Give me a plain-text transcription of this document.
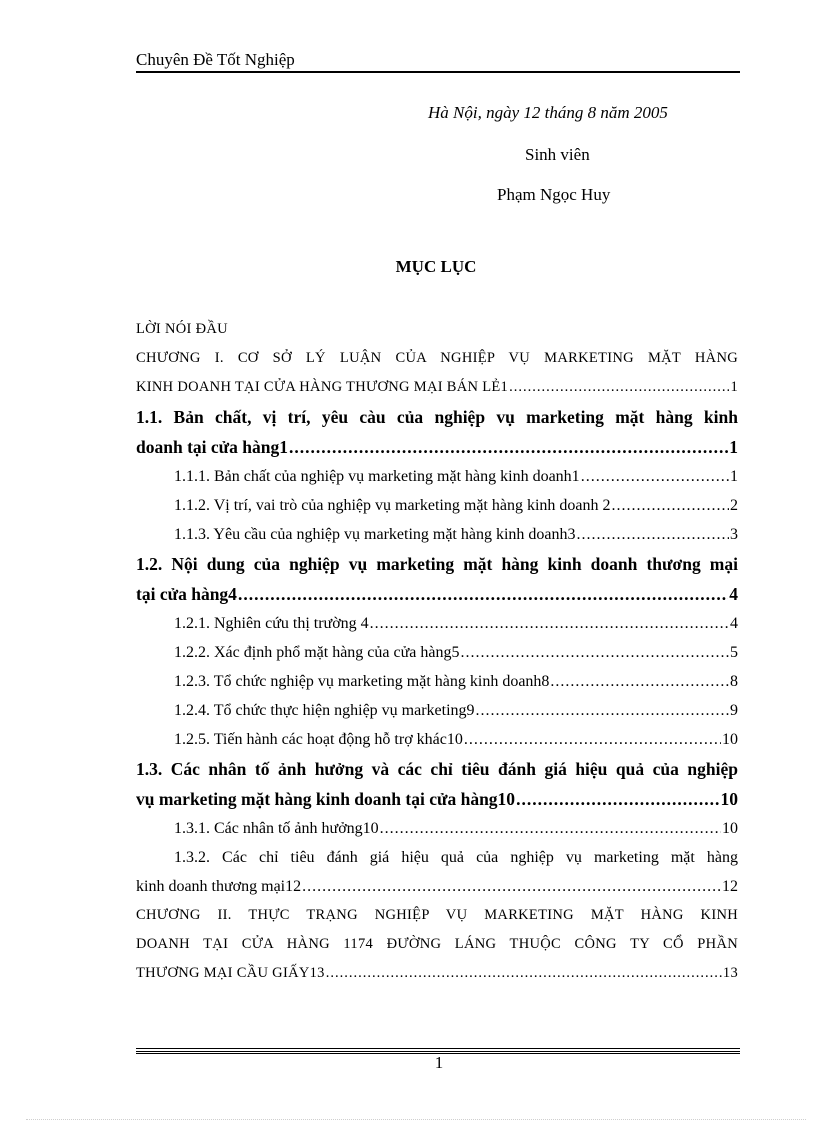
Chuyên Đề Tốt Nghiệp
Hà Nội, ngày 12 tháng 8 năm 2005
Sinh viên
Phạm Ngọc Huy
MỤC LỤC
LỜI NÓI ĐẦU
CHƯƠNG I. CƠ SỞ LÝ LUẬN CỦA NGHIỆP VỤ MARKETING MẶT HÀNG
KINH DOANH TẠI CỬA HÀNG THƯƠNG MẠI BÁN LẺ1 .....	1
1.1. Bản chất, vị trí, yêu càu của nghiệp vụ marketing mặt hàng kinh
doanh tại cửa hàng1 .....	1
1.1.1. Bản chất của nghiệp vụ marketing mặt hàng kinh doanh1 .....	1
1.1.2. Vị trí, vai trò của nghiệp vụ marketing mặt hàng kinh doanh 2 .....	2
1.1.3. Yêu cầu của nghiệp vụ marketing mặt hàng kinh doanh3 .....	3
1.2. Nội dung của nghiệp vụ marketing mặt hàng kinh doanh thương mại
tại cửa hàng4 .....	4
1.2.1. Nghiên cứu thị trường 4 .....	4
1.2.2. Xác định phổ mặt hàng của cửa hàng5 .....	5
1.2.3. Tổ chức nghiệp vụ marketing mặt hàng kinh doanh8 .....	8
1.2.4. Tổ chức thực hiện nghiệp vụ marketing9 .....	9
1.2.5. Tiến hành các hoạt động hỗ trợ khác10 .....	10
1.3. Các nhân tố ảnh hưởng và các chỉ tiêu đánh giá hiệu quả của nghiệp
vụ marketing mặt hàng kinh doanh tại cửa hàng10 .....	10
1.3.1. Các nhân tố ảnh hưởng10 .....	10
1.3.2. Các chỉ tiêu đánh giá hiệu quả của nghiệp vụ marketing mặt hàng
kinh doanh thương mại12 .....	12
CHƯƠNG II. THỰC TRẠNG NGHIỆP VỤ MARKETING MẶT HÀNG KINH
DOANH TẠI CỬA HÀNG 1174 ĐƯỜNG LÁNG THUỘC CÔNG TY CỔ PHẦN
THƯƠNG MẠI CẦU GIẤY13 .....	13
1
